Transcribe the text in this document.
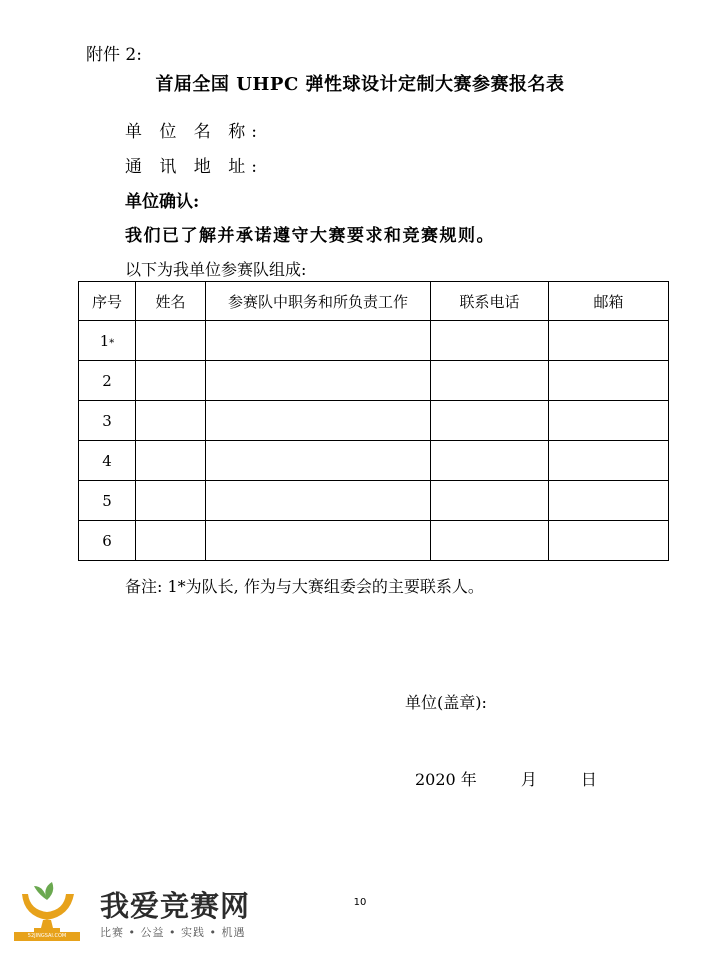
附件 2:
首届全国 UHPC 弹性球设计定制大赛参赛报名表
单 位 名 称:
通 讯 地 址:
单位确认:
我们已了解并承诺遵守大赛要求和竞赛规则。
以下为我单位参赛队组成:
序号	姓名	参赛队中职务和所负责工作	联系电话	邮箱
1*				
2				
3				
4				
5				
6				
备注: 1*为队长, 作为与大赛组委会的主要联系人。
单位(盖章):
2020 年	月	日
10
52JINGSAI.COM
我爱竞赛网
比赛 • 公益 • 实践 • 机遇
